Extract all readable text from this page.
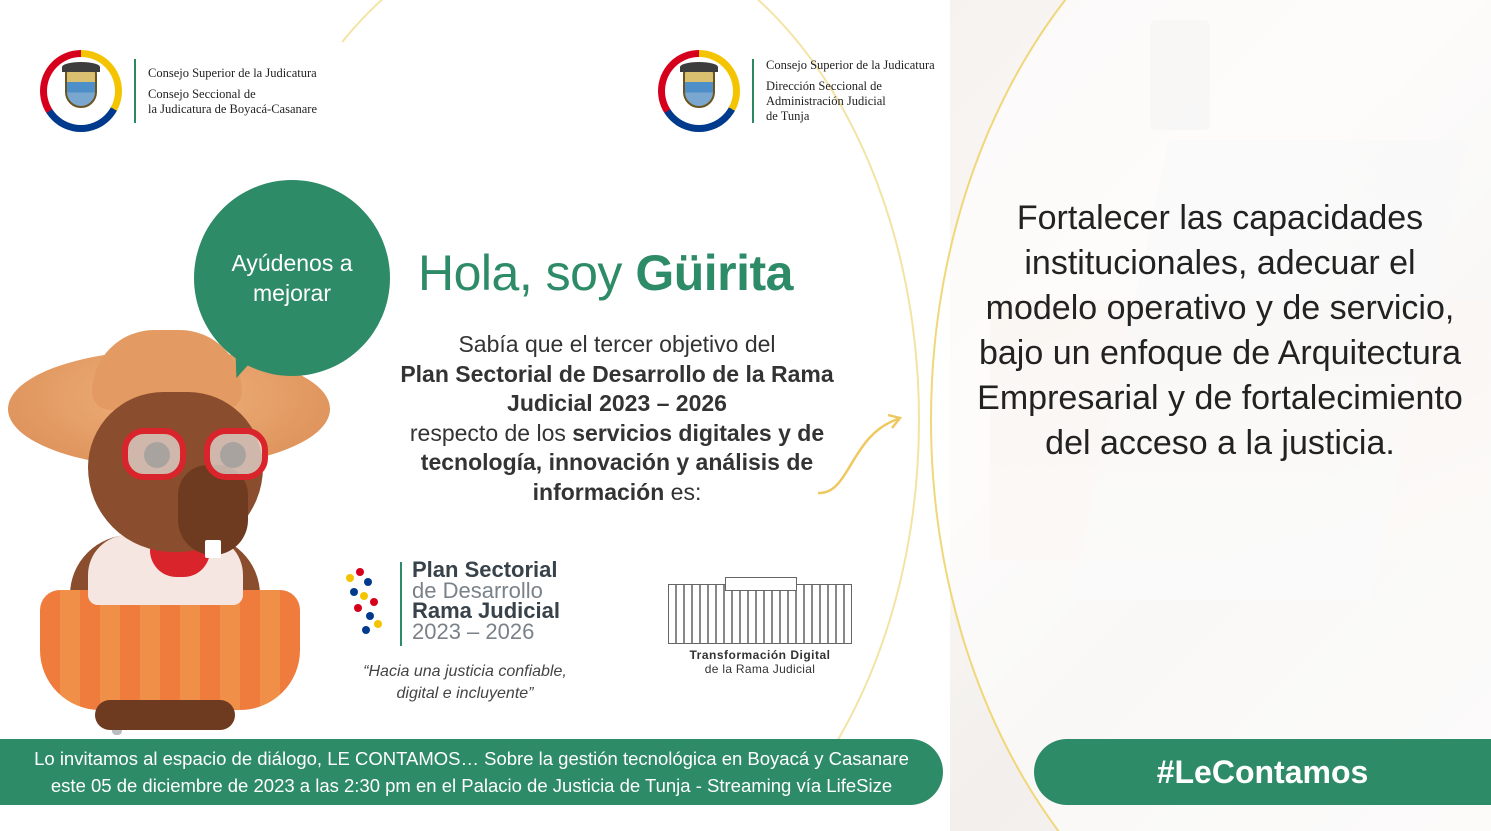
Consejo Superior de la Judicatura
Consejo Seccional de
la Judicatura de Boyacá-Casanare
Consejo Superior de la Judicatura
Dirección Seccional de
Administración Judicial
de Tunja
Ayúdenos a mejorar	Hola, soy Güirita
Sabía que el tercer objetivo del
Plan Sectorial de Desarrollo de la Rama Judicial 2023 – 2026
respecto de los servicios digitales y de tecnología, innovación y análisis de información es:
Plan Sectorial
de Desarrollo
Rama Judicial
2023 – 2026
“Hacia una justicia confiable,
digital e incluyente”
Transformación Digital
de la Rama Judicial
Fortalecer las capacidades institucionales, adecuar el modelo operativo y de servicio, bajo un enfoque de Arquitectura Empresarial y de fortalecimiento del acceso a la justicia.
Lo invitamos al espacio de diálogo, LE CONTAMOS… Sobre la gestión tecnológica en Boyacá y Casanare
este 05 de diciembre de 2023 a las 2:30 pm en el Palacio de Justicia de Tunja - Streaming vía LifeSize	#LeContamos
